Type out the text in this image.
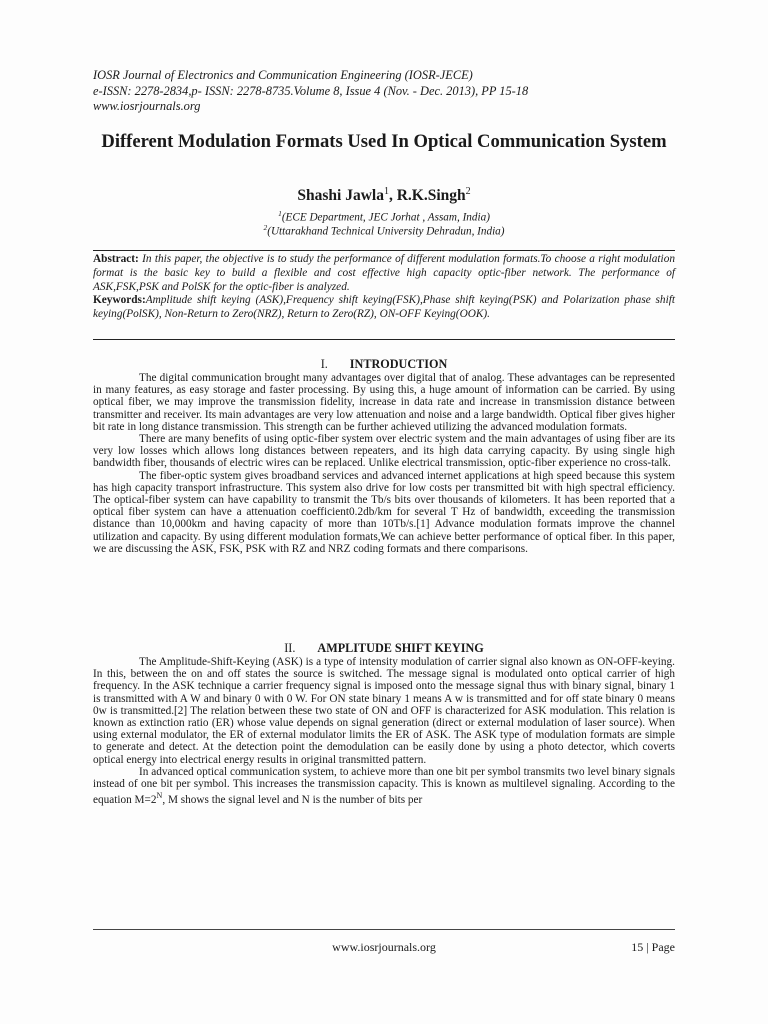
IOSR Journal of Electronics and Communication Engineering (IOSR-JECE)
e-ISSN: 2278-2834,p- ISSN: 2278-8735.Volume 8, Issue 4 (Nov. - Dec. 2013), PP 15-18
www.iosrjournals.org
Different Modulation Formats Used In Optical Communication System
Shashi Jawla$^1$, R.K.Singh$^2$
$^1$(ECE Department, JEC Jorhat , Assam, India)
$^2$(Uttarakhand Technical University Dehradun, India)

Abstract: In this paper, the objective is to study the performance of different modulation formats.To choose a right modulation format is the basic key to build a flexible and cost effective high capacity optic-fiber network. The performance of ASK,FSK,PSK and PolSK for the optic-fiber is analyzed.

Keywords:Amplitude shift keying (ASK),Frequency shift keying(FSK),Phase shift keying(PSK) and Polarization phase shift keying(PolSK), Non-Return to Zero(NRZ), Return to Zero(RZ), ON-OFF Keying(OOK).

I. INTRODUCTION

The digital communication brought many advantages over digital that of analog. These advantages can be represented in many features, as easy storage and faster processing. By using this, a huge amount of information can be carried. By using optical fiber, we may improve the transmission fidelity, increase in data rate and increase in transmission distance between transmitter and receiver. Its main advantages are very low attenuation and noise and a large bandwidth. Optical fiber gives higher bit rate in long distance transmission. This strength can be further achieved utilizing the advanced modulation formats.

There are many benefits of using optic-fiber system over electric system and the main advantages of using fiber are its very low losses which allows long distances between repeaters, and its high data carrying capacity. By using single high bandwidth fiber, thousands of electric wires can be replaced. Unlike electrical transmission, optic-fiber experience no cross-talk.

The fiber-optic system gives broadband services and advanced internet applications at high speed because this system has high capacity transport infrastructure. This system also drive for low costs per transmitted bit with high spectral efficiency. The optical-fiber system can have capability to transmit the Tb/s bits over thousands of kilometers. It has been reported that a optical fiber system can have a attenuation coefficient0.2db/km for several T Hz of bandwidth, exceeding the transmission distance than 10,000km and having capacity of more than 10Tb/s.[1] Advance modulation formats improve the channel utilization and capacity. By using different modulation formats,We can achieve better performance of optical fiber. In this paper, we are discussing the ASK, FSK, PSK with RZ and NRZ coding formats and there comparisons.

II. AMPLITUDE SHIFT KEYING

The Amplitude-Shift-Keying (ASK) is a type of intensity modulation of carrier signal also known as ON-OFF-keying. In this, between the on and off states the source is switched. The message signal is modulated onto optical carrier of high frequency. In the ASK technique a carrier frequency signal is imposed onto the message signal thus with binary signal, binary 1 is transmitted with A W and binary 0 with 0 W. For ON state binary 1 means A w is transmitted and for off state binary 0 means 0w is transmitted.[2] The relation between these two state of ON and OFF is characterized for ASK modulation. This relation is known as extinction ratio (ER) whose value depends on signal generation (direct or external modulation of laser source). When using external modulator, the ER of external modulator limits the ER of ASK. The ASK type of modulation formats are simple to generate and detect. At the detection point the demodulation can be easily done by using a photo detector, which coverts optical energy into electrical energy results in original transmitted pattern.

In advanced optical communication system, to achieve more than one bit per symbol transmits two level binary signals instead of one bit per symbol. This increases the transmission capacity. This is known as multilevel signaling. According to the equation $M=2^N$, M shows the signal level and N is the number of bits per

www.iosrjournals.org	15 | Page
